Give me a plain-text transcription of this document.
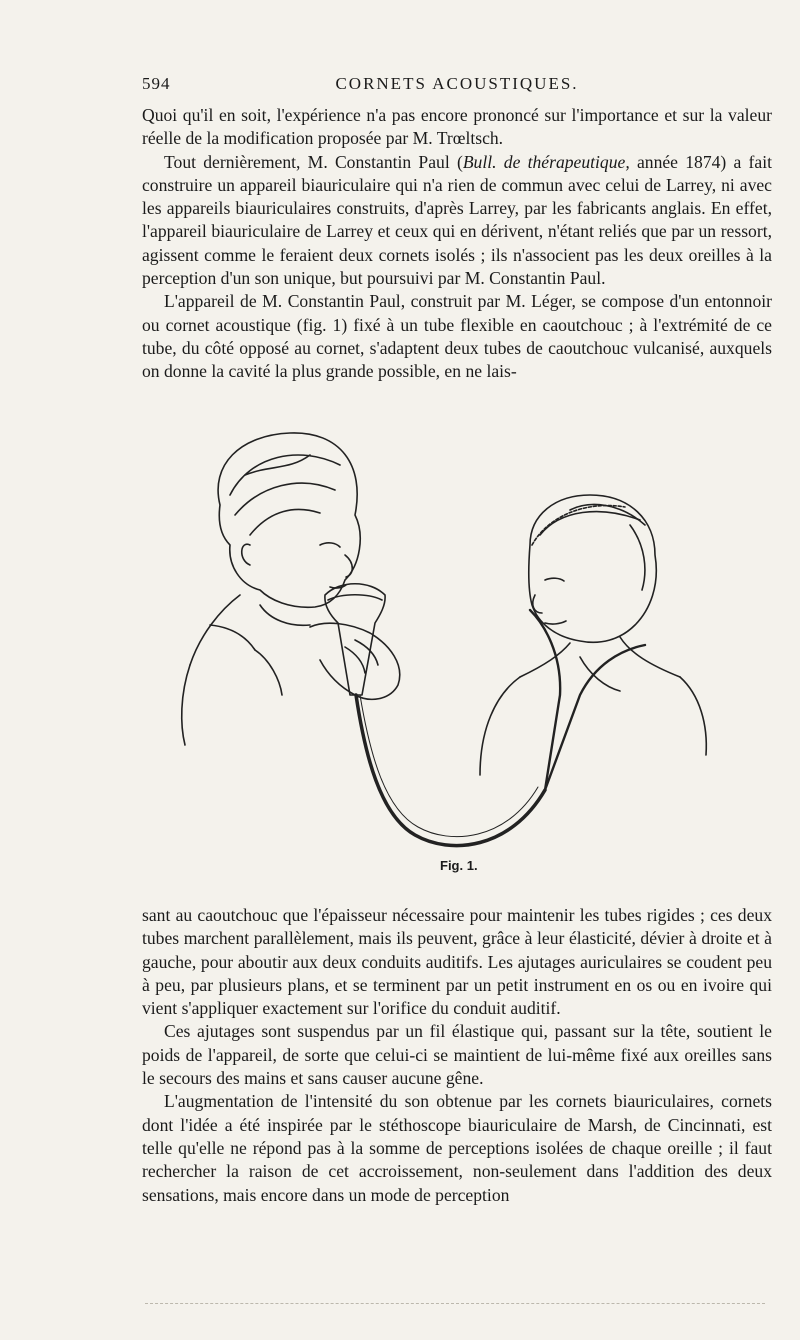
594	CORNETS ACOUSTIQUES.

Quoi qu'il en soit, l'expérience n'a pas encore prononcé sur l'importance et sur la valeur réelle de la modification proposée par M. Trœltsch.

Tout dernièrement, M. Constantin Paul (Bull. de thérapeutique, année 1874) a fait construire un appareil biauriculaire qui n'a rien de commun avec celui de Larrey, ni avec les appareils biauriculaires construits, d'après Larrey, par les fabricants anglais. En effet, l'appareil biauriculaire de Larrey et ceux qui en dérivent, n'étant reliés que par un ressort, agissent comme le feraient deux cornets isolés ; ils n'associent pas les deux oreilles à la perception d'un son unique, but poursuivi par M. Constantin Paul.

L'appareil de M. Constantin Paul, construit par M. Léger, se compose d'un entonnoir ou cornet acoustique (fig. 1) fixé à un tube flexible en caoutchouc ; à l'extrémité de ce tube, du côté opposé au cornet, s'adaptent deux tubes de caoutchouc vulcanisé, auxquels on donne la cavité la plus grande possible, en ne lais-

Fig. 1.

sant au caoutchouc que l'épaisseur nécessaire pour maintenir les tubes rigides ; ces deux tubes marchent parallèlement, mais ils peuvent, grâce à leur élasticité, dévier à droite et à gauche, pour aboutir aux deux conduits auditifs. Les ajutages auriculaires se coudent peu à peu, par plusieurs plans, et se terminent par un petit instrument en os ou en ivoire qui vient s'appliquer exactement sur l'orifice du conduit auditif.

Ces ajutages sont suspendus par un fil élastique qui, passant sur la tête, soutient le poids de l'appareil, de sorte que celui-ci se maintient de lui-même fixé aux oreilles sans le secours des mains et sans causer aucune gêne.

L'augmentation de l'intensité du son obtenue par les cornets biauriculaires, cornets dont l'idée a été inspirée par le stéthoscope biauriculaire de Marsh, de Cincinnati, est telle qu'elle ne répond pas à la somme de perceptions isolées de chaque oreille ; il faut rechercher la raison de cet accroissement, non-seulement dans l'addition des deux sensations, mais encore dans un mode de perception
